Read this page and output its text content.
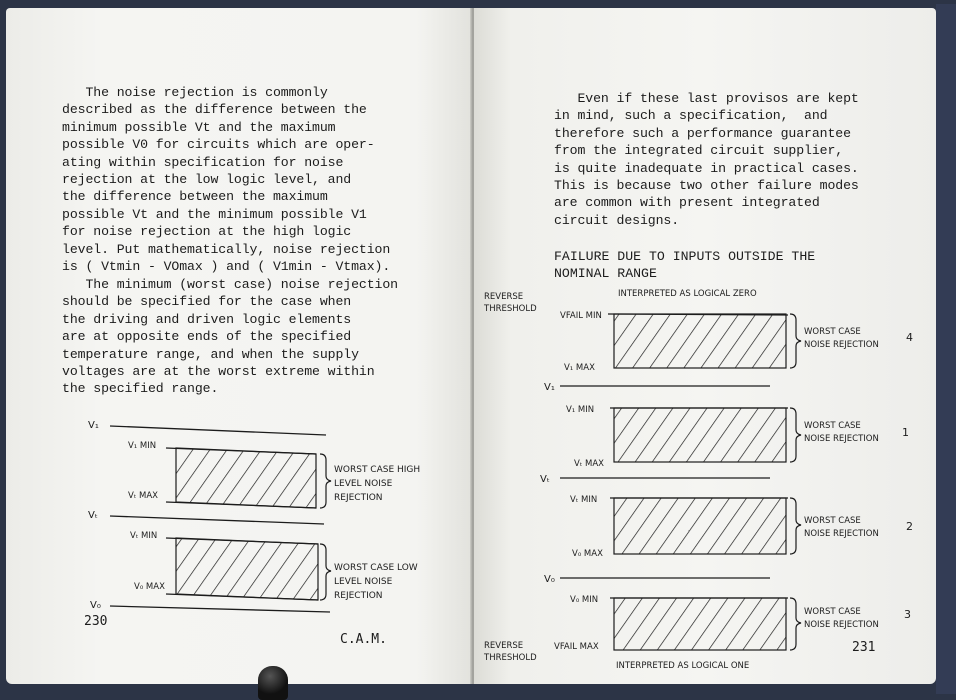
The noise rejection is commonly
described as the difference between the
minimum possible Vt and the maximum
possible V0 for circuits which are oper-
ating within specification for noise
rejection at the low logic level, and
the difference between the maximum
possible Vt and the minimum possible V1
for noise rejection at the high logic
level. Put mathematically, noise rejection
is ( Vtmin - VOmax ) and ( V1min - Vtmax).
The minimum (worst case) noise rejection
should be specified for the case when
the driving and driven logic elements
are at opposite ends of the specified
temperature range, and when the supply
voltages are at the worst extreme within
the specified range.
V₁
V₁ MIN
Vₜ MAX
WORST CASE HIGH
LEVEL NOISE
REJECTION
Vₜ
Vₜ MIN
V₀ MAX
WORST CASE LOW
LEVEL NOISE
REJECTION
V₀
230
C.A.M.
Even if these last provisos are kept
in mind, such a specification,  and
therefore such a performance guarantee
from the integrated circuit supplier,
is quite inadequate in practical cases.
This is because two other failure modes
are common with present integrated
circuit designs.
FAILURE DUE TO INPUTS OUTSIDE THE
NOMINAL RANGE
INTERPRETED AS LOGICAL ZERO
REVERSE
THRESHOLD
VFAIL MIN
V₁ MAX
WORST CASE
NOISE REJECTION
4
V₁
V₁ MIN
Vₜ MAX
WORST CASE
NOISE REJECTION 1
Vₜ
Vₜ MIN
V₀ MAX
WORST CASE
NOISE REJECTION
2
V₀
V₀ MIN
VFAIL MAX
WORST CASE
NOISE REJECTION
3
REVERSE
THRESHOLD
INTERPRETED AS LOGICAL ONE
231
